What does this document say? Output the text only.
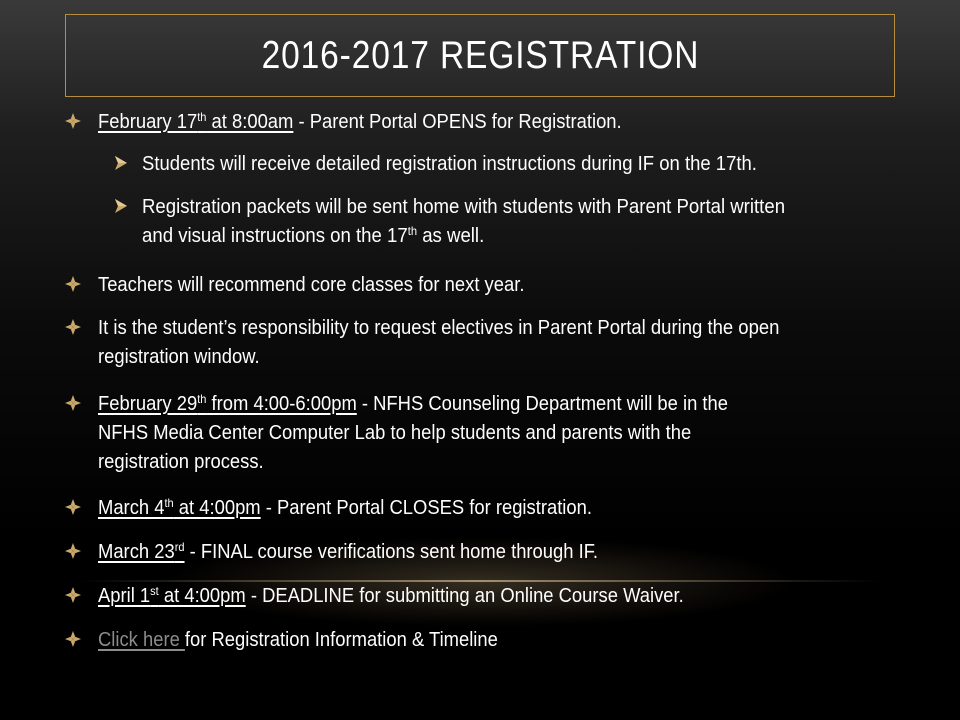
2016-2017 REGISTRATION
February 17th at 8:00am - Parent Portal OPENS for Registration.
Students will receive detailed registration instructions during IF on the 17th.
Registration packets will be sent home with students with Parent Portal written
and visual instructions on the 17th as well.
Teachers will recommend core classes for next year.
It is the student’s responsibility to request electives in Parent Portal during the open
registration window.
February 29th from 4:00-6:00pm - NFHS Counseling Department will be in the
NFHS Media Center Computer Lab to help students and parents with the
registration process.
March 4th at 4:00pm - Parent Portal CLOSES for registration.
March 23rd - FINAL course verifications sent home through IF.
April 1st at 4:00pm - DEADLINE for submitting an Online Course Waiver.
Click here for Registration Information & Timeline
